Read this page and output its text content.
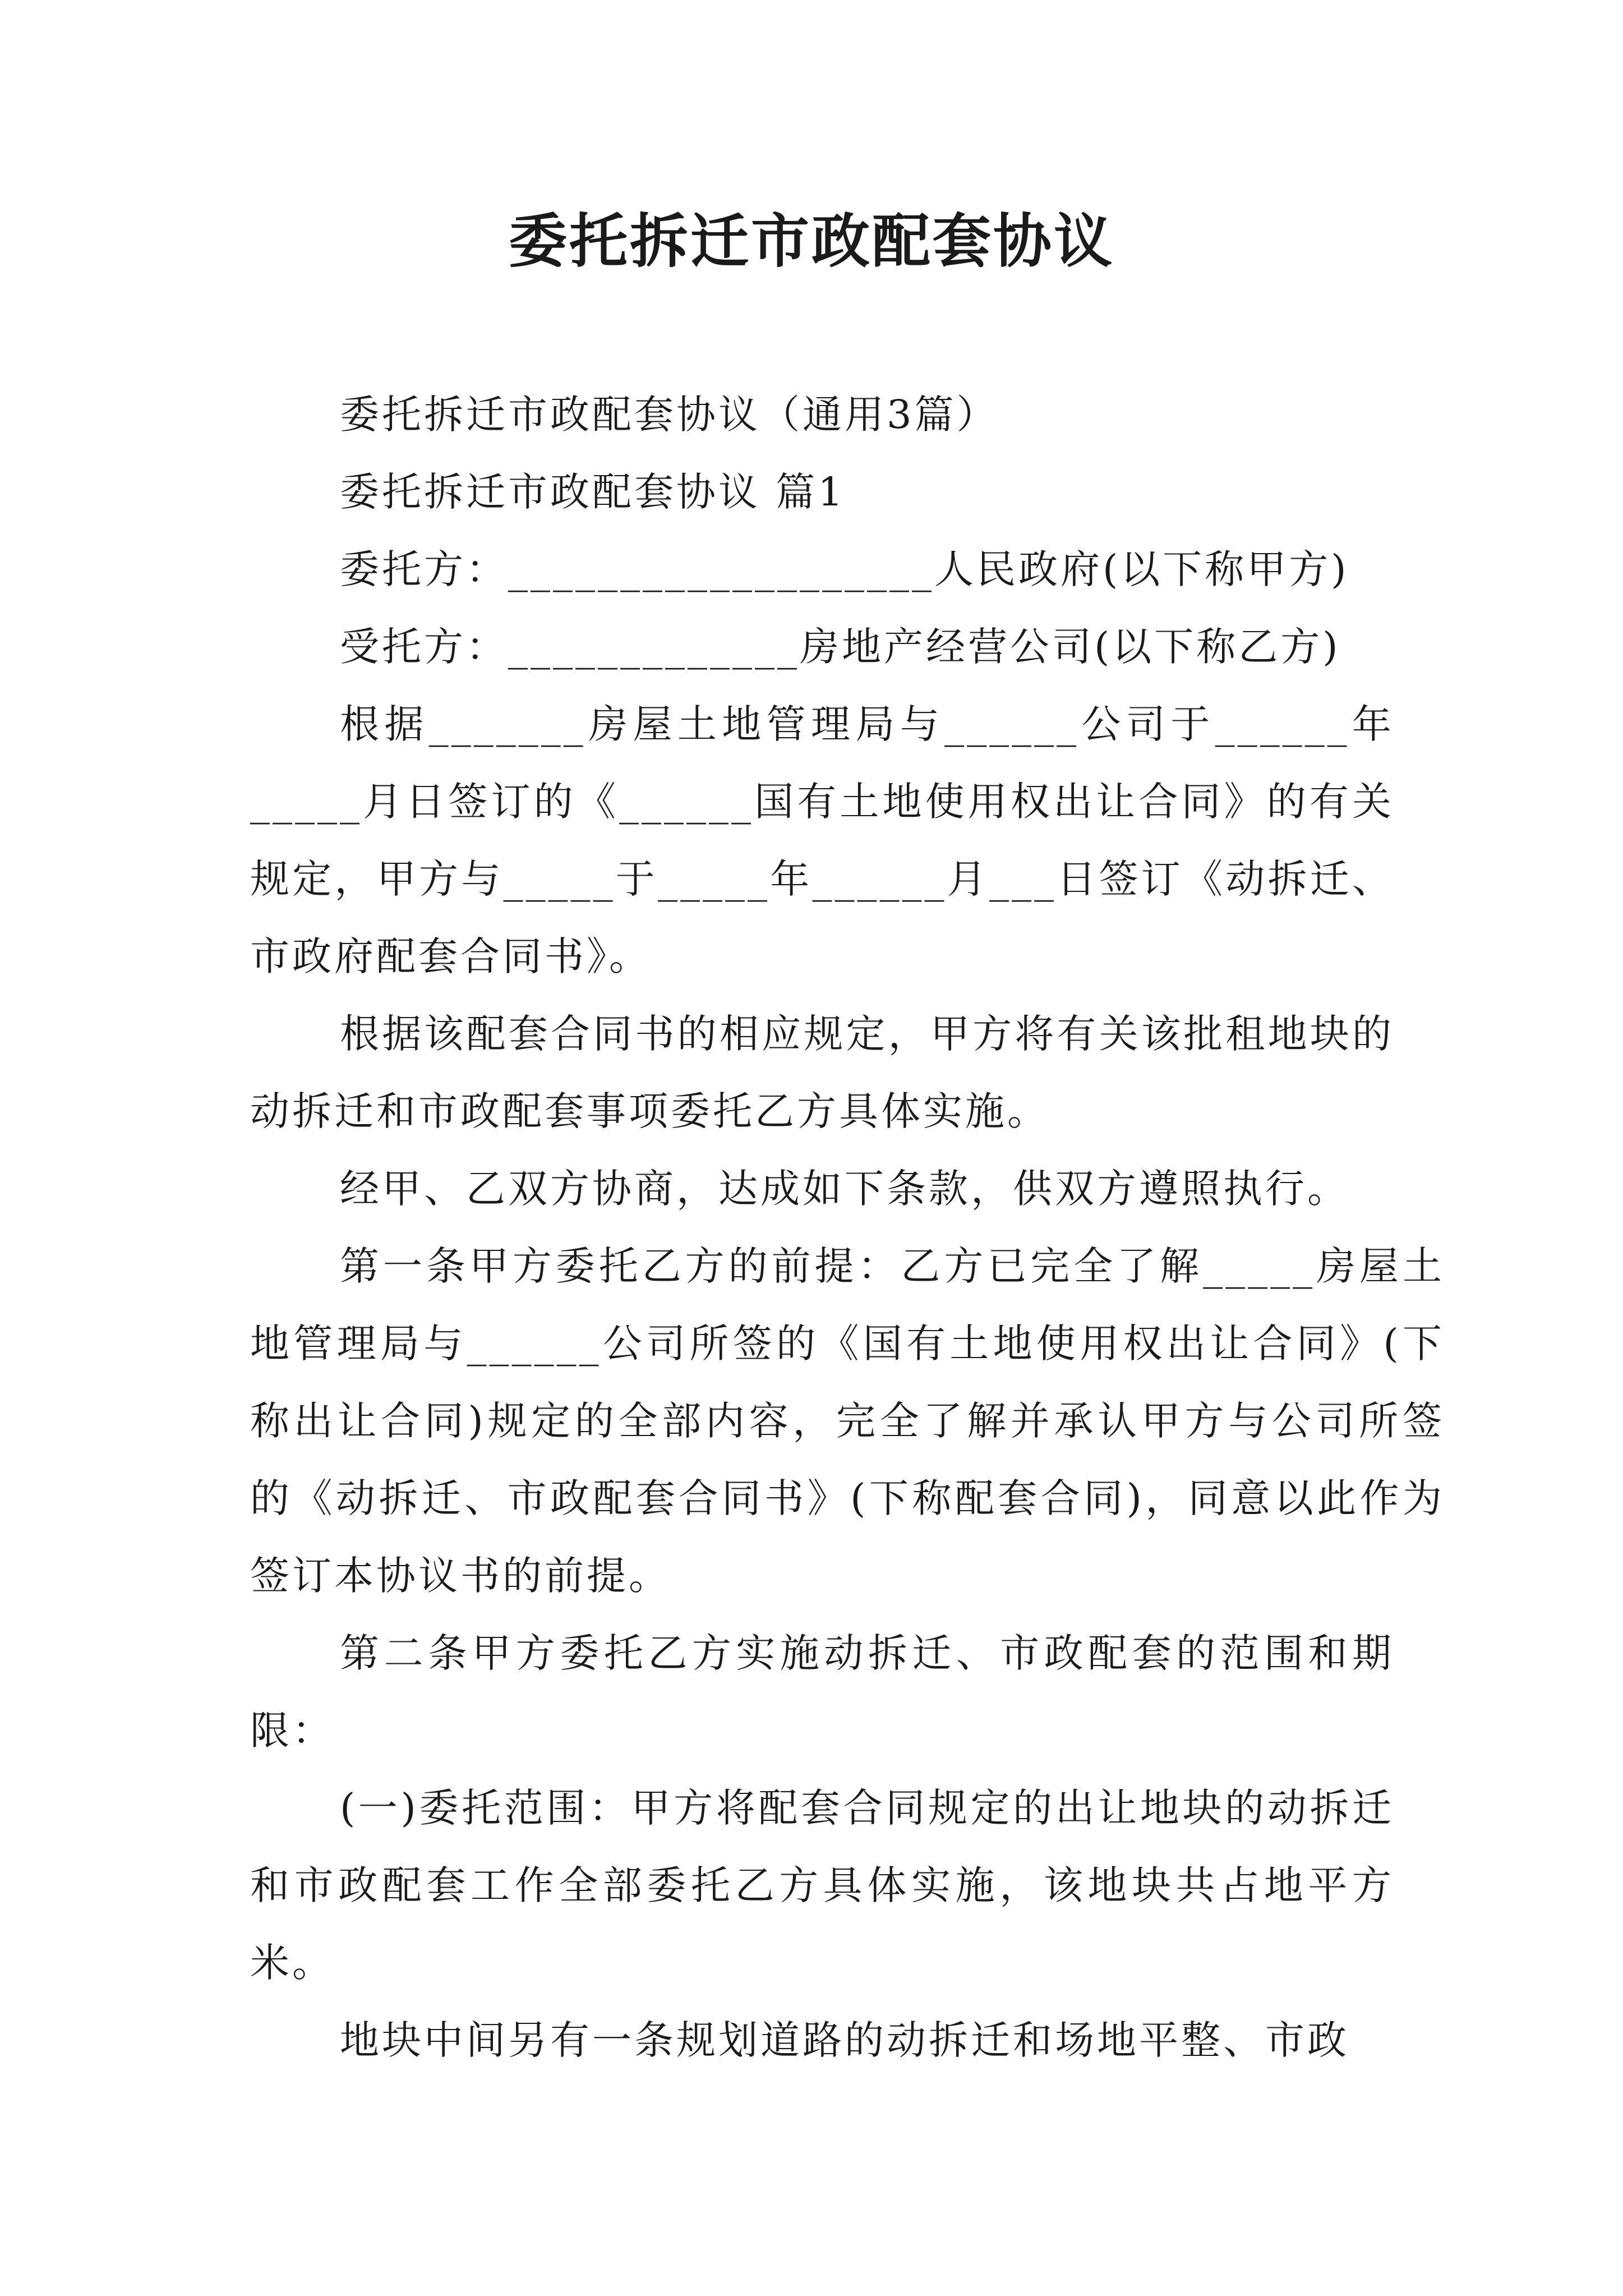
委托拆迁市政配套协议

委托拆迁市政配套协议（通用3篇）

委托拆迁市政配套协议 篇1

委托方：___________________人民政府(以下称甲方)

受托方：_____________房地产经营公司(以下称乙方)

根据_______房屋土地管理局与______公司于______年_____月日签订的《______国有土地使用权出让合同》的有关规定，甲方与_____于_____年______月___日签订《动拆迁、市政府配套合同书》。

根据该配套合同书的相应规定，甲方将有关该批租地块的动拆迁和市政配套事项委托乙方具体实施。

经甲、乙双方协商，达成如下条款，供双方遵照执行。

第一条甲方委托乙方的前提：乙方已完全了解_____房屋土地管理局与______公司所签的《国有土地使用权出让合同》(下称出让合同)规定的全部内容，完全了解并承认甲方与公司所签的《动拆迁、市政配套合同书》(下称配套合同)，同意以此作为签订本协议书的前提。

第二条甲方委托乙方实施动拆迁、市政配套的范围和期限：

(一)委托范围：甲方将配套合同规定的出让地块的动拆迁和市政配套工作全部委托乙方具体实施，该地块共占地平方米。

地块中间另有一条规划道路的动拆迁和场地平整、市政
